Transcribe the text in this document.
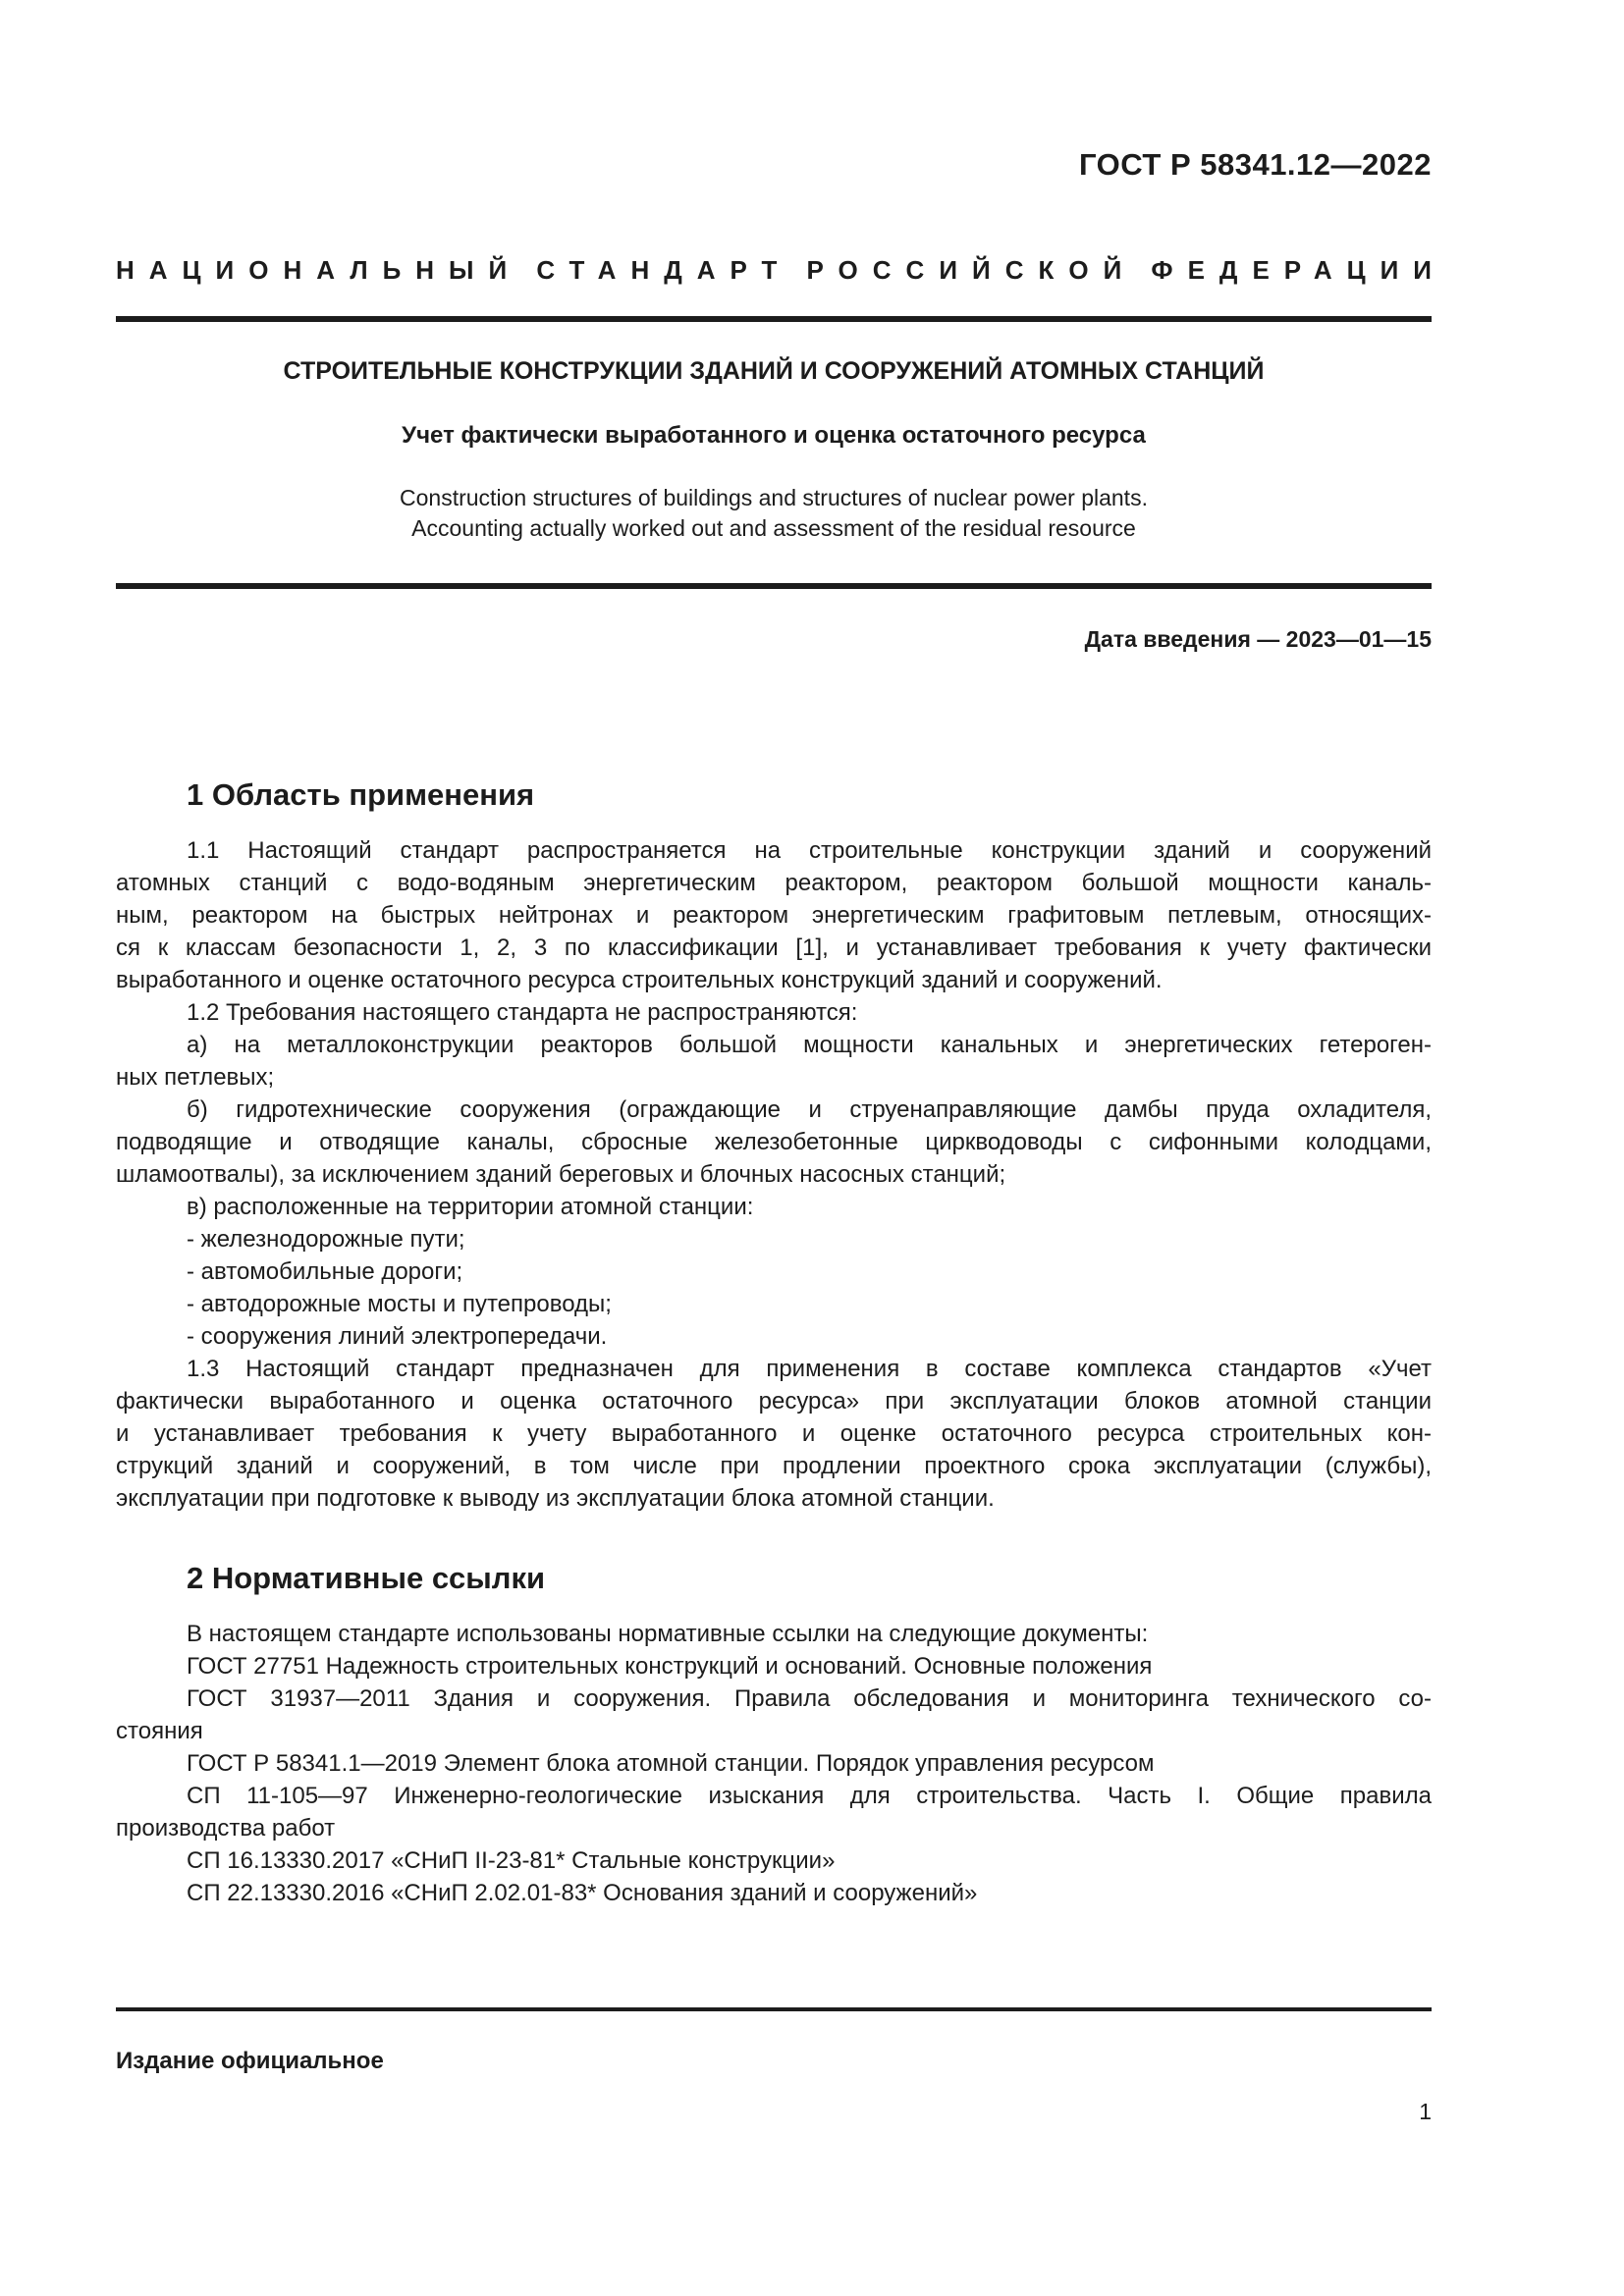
ГОСТ Р 58341.12—2022
НАЦИОНАЛЬНЫЙ СТАНДАРТ РОССИЙСКОЙ ФЕДЕРАЦИИ
СТРОИТЕЛЬНЫЕ КОНСТРУКЦИИ ЗДАНИЙ И СООРУЖЕНИЙ АТОМНЫХ СТАНЦИЙ
Учет фактически выработанного и оценка остаточного ресурса
Construction structures of buildings and structures of nuclear power plants.
Accounting actually worked out and assessment of the residual resource
Дата введения — 2023—01—15
1 Область применения
1.1 Настоящий стандарт распространяется на строительные конструкции зданий и сооружений
атомных станций с водо-водяным энергетическим реактором, реактором большой мощности каналь-
ным, реактором на быстрых нейтронах и реактором энергетическим графитовым петлевым, относящих-
ся к классам безопасности 1, 2, 3 по классификации [1], и устанавливает требования к учету фактически
выработанного и оценке остаточного ресурса строительных конструкций зданий и сооружений.
1.2 Требования настоящего стандарта не распространяются:
а) на металлоконструкции реакторов большой мощности канальных и энергетических гетероген-
ных петлевых;
б) гидротехнические сооружения (ограждающие и струенаправляющие дамбы пруда охладителя,
подводящие и отводящие каналы, сбросные железобетонные циркводоводы с сифонными колодцами,
шламоотвалы), за исключением зданий береговых и блочных насосных станций;
в) расположенные на территории атомной станции:
- железнодорожные пути;
- автомобильные дороги;
- автодорожные мосты и путепроводы;
- сооружения линий электропередачи.
1.3 Настоящий стандарт предназначен для применения в составе комплекса стандартов «Учет
фактически выработанного и оценка остаточного ресурса» при эксплуатации блоков атомной станции
и устанавливает требования к учету выработанного и оценке остаточного ресурса строительных кон-
струкций зданий и сооружений, в том числе при продлении проектного срока эксплуатации (службы),
эксплуатации при подготовке к выводу из эксплуатации блока атомной станции.
2 Нормативные ссылки
В настоящем стандарте использованы нормативные ссылки на следующие документы:
ГОСТ 27751 Надежность строительных конструкций и оснований. Основные положения
ГОСТ 31937—2011 Здания и сооружения. Правила обследования и мониторинга технического со-
стояния
ГОСТ Р 58341.1—2019 Элемент блока атомной станции. Порядок управления ресурсом
СП 11-105—97 Инженерно-геологические изыскания для строительства. Часть I. Общие правила
производства работ
СП 16.13330.2017 «СНиП II-23-81* Стальные конструкции»
СП 22.13330.2016 «СНиП 2.02.01-83* Основания зданий и сооружений»
Издание официальное
1
